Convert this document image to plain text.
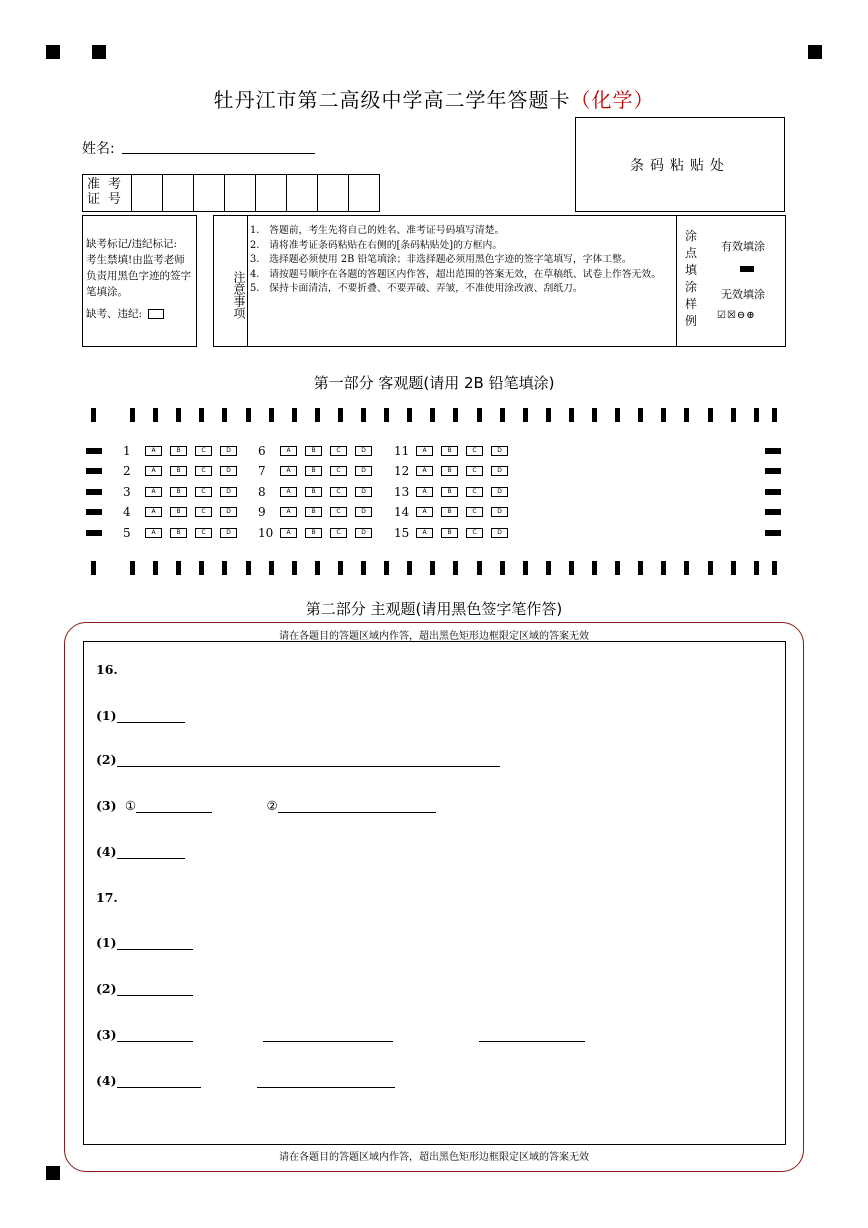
牡丹江市第二高级中学高二学年答题卡（化学）
姓名:
条码粘贴处
准考证号
缺考标记/违纪标记:
考生禁填!由监考老师负责用黑色字迹的签字笔填涂。
缺考、违纪:	注意事项
1.　答题前，考生先将自己的姓名、准考证号码填写清楚。
2.　请将准考证条码粘贴在右侧的[条码粘贴处]的方框内。
3.　选择题必须使用 2B 铅笔填涂；非选择题必须用黑色字迹的签字笔填写，字体工整。
4.　请按题号顺序在各题的答题区内作答，超出范围的答案无效，在草稿纸、试卷上作答无效。
5.　保持卡面清洁，不要折叠、不要弄破、弄皱，不准使用涂改液、刮纸刀。
涂点填涂样例
有效填涂
无效填涂
☑☒⊖⊕
第一部分 客观题(请用 2B 铅笔填涂)
1	A	B	C	D
2	A	B	C	D
3	A	B	C	D
4	A	B	C	D
5	A	B	C	D
6	A	B	C	D
7	A	B	C	D
8	A	B	C	D
9	A	B	C	D
10	A	B	C	D
11	A	B	C	D
12	A	B	C	D
13	A	B	C	D
14	A	B	C	D
15	A	B	C	D
第二部分 主观题(请用黑色签字笔作答)
请在各题目的答题区域内作答，超出黑色矩形边框限定区域的答案无效
请在各题目的答题区域内作答，超出黑色矩形边框限定区域的答案无效
16.
(1)
(2)
(3) ①	②
(4)
17.
(1)
(2)
(3)
(4)
